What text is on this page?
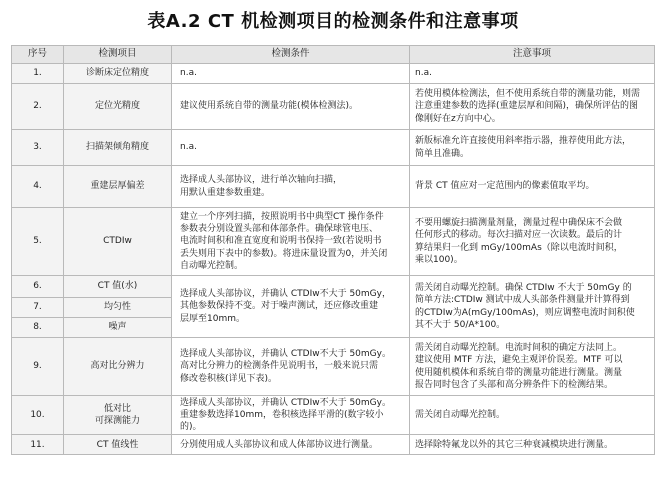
表A.2 CT 机检测项目的检测条件和注意事项
序号	检测项目	检测条件	注意事项
1.	诊断床定位精度	n.a.	n.a.
2.	定位光精度	建议使用系统自带的测量功能(模体检测法)。	若使用模体检测法，但不使用系统自带的测量功能，则需
注意重建参数的选择(重建层厚和间隔)，确保所评估的图
像刚好在z方向中心。

3.	扫描架倾角精度	n.a.	新版标准允许直接使用斜率指示器，推荐使用此方法，
简单且准确。

4.	重建层厚偏差	选择成人头部协议，进行单次轴向扫描，
用默认重建参数重建。	背景 CT 值应对一定范围内的像素值取平均。
5.	CTDIw	建立一个序列扫描，按照说明书中典型CT 操作条件
参数表分别设置头部和体部条件。确保球管电压、
电流时间积和准直宽度和说明书保持一致(若说明书
丢失则用下表中的参数)。将进床量设置为0，并关闭
自动曝光控制。	不要用螺旋扫描测量剂量，测量过程中确保床不会做
任何形式的移动。每次扫描对应一次读数。最后的计
算结果归一化到 mGy/100mAs（除以电流时间积，
乘以100)。

6.	CT 值(水)	选择成人头部协议，并确认 CTDIw不大于 50mGy，
其他参数保持不变。对于噪声测试，还应修改重建
层厚至10mm。	需关闭自动曝光控制。确保 CTDIw 不大于 50mGy 的
简单方法:CTDIw 测试中成人头部条件测量并计算得到
的CTDIw为A(mGy/100mAs)，则应调整电流时间积使
其不大于 50/A*100。

7.	均匀性		
8.	噪声		
9.	高对比分辨力	选择成人头部协议，并确认 CTDIw不大于 50mGy。
高对比分辨力的检测条件见说明书，一般来说只需
修改卷积核(详见下表)。	需关闭自动曝光控制。电流时间积的确定方法同上。
建议使用 MTF 方法，避免主观评价误差。MTF 可以
使用随机模体和系统自带的测量功能进行测量。测量
报告同时包含了头部和高分辨条件下的检测结果。

10.	低对比
可探测能力	选择成人头部协议，并确认 CTDIw不大于 50mGy。
重建参数选择10mm，卷积核选择平滑的(数字较小的)。	需关闭自动曝光控制。
11.	CT 值线性	分别使用成人头部协议和成人体部协议进行测量。	选择除特氟龙以外的其它三种衰减模块进行测量。
